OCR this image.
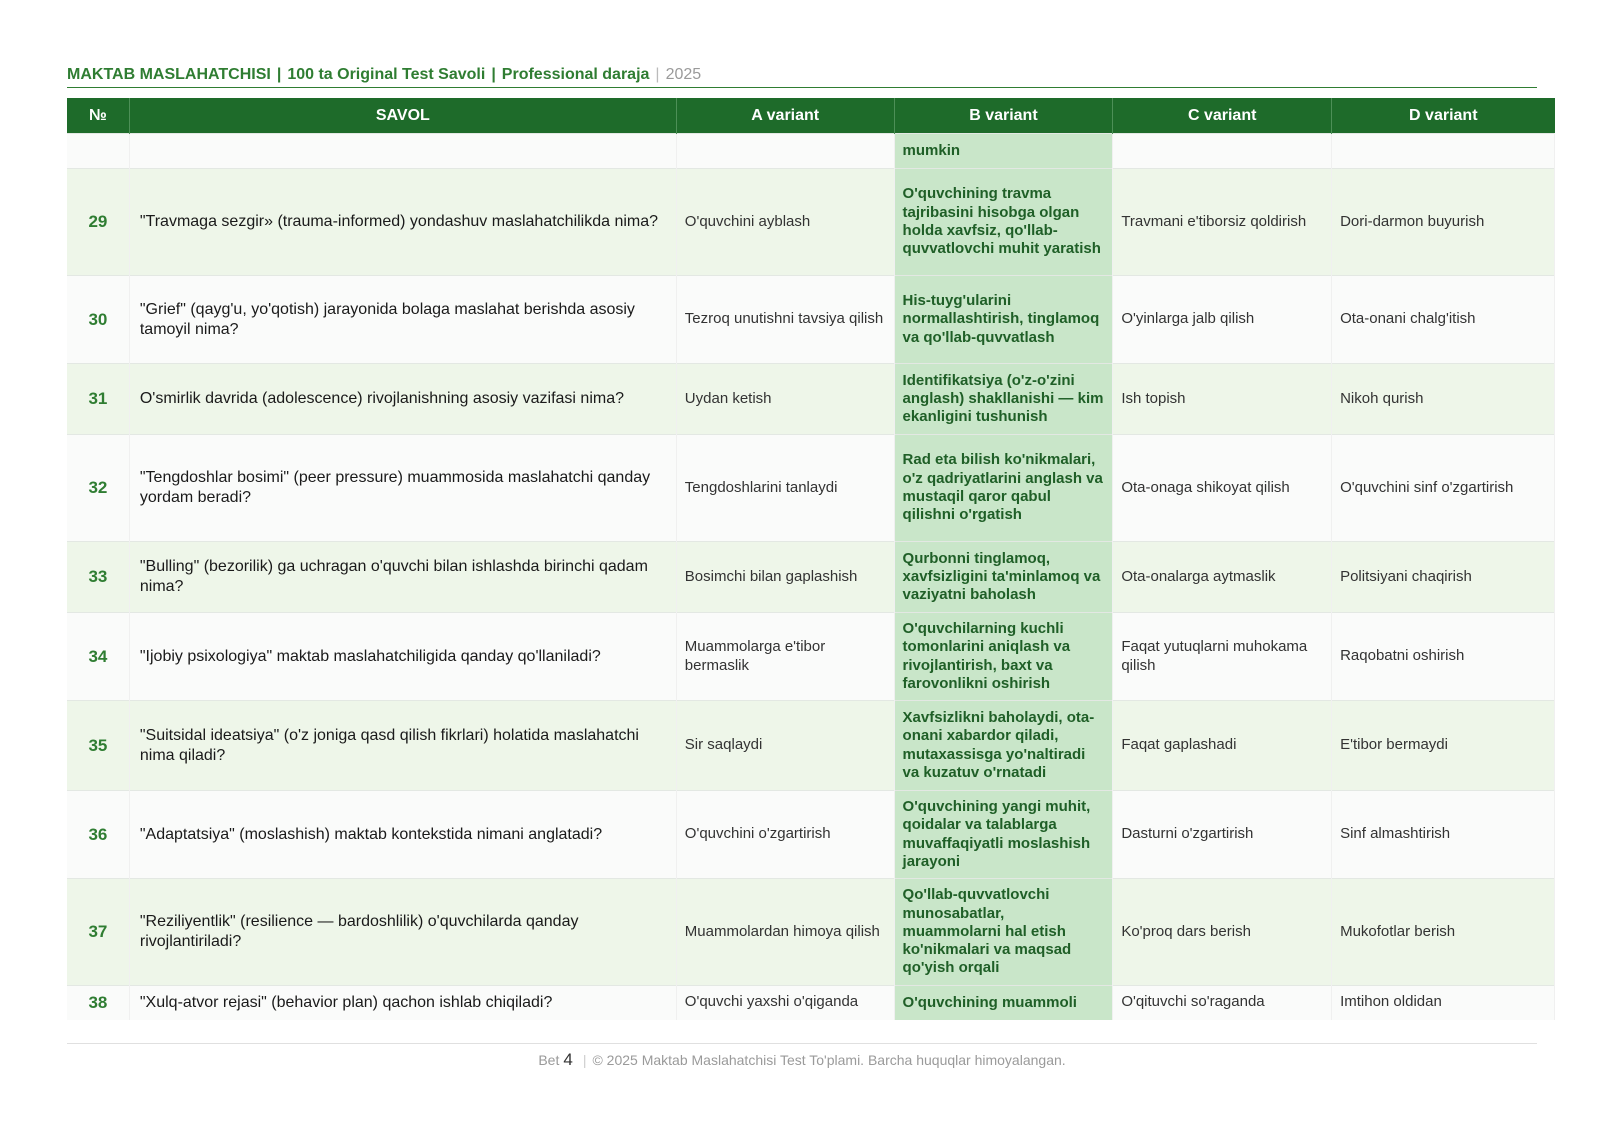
MAKTAB MASLAHATCHISI | 100 ta Original Test Savoli | Professional daraja | 2025
№	SAVOL	A variant	B variant	C variant	D variant
			mumkin		
29	"Travmaga sezgir» (trauma-informed) yondashuv maslahatchilikda nima?	O'quvchini ayblash	O'quvchining travma tajribasini hisobga olgan holda xavfsiz, qo'llab-quvvatlovchi muhit yaratish	Travmani e'tiborsiz qoldirish	Dori-darmon buyurish
30	"Grief" (qayg'u, yo'qotish) jarayonida bolaga maslahat berishda asosiy tamoyil nima?	Tezroq unutishni tavsiya qilish	His-tuyg'ularini normallashtirish, tinglamoq va qo'llab-quvvatlash	O'yinlarga jalb qilish	Ota-onani chalg'itish
31	O'smirlik davrida (adolescence) rivojlanishning asosiy vazifasi nima?	Uydan ketish	Identifikatsiya (o'z-o'zini anglash) shakllanishi — kim ekanligini tushunish	Ish topish	Nikoh qurish
32	"Tengdoshlar bosimi" (peer pressure) muammosida maslahatchi qanday yordam beradi?	Tengdoshlarini tanlaydi	Rad eta bilish ko'nikmalari, o'z qadriyatlarini anglash va mustaqil qaror qabul qilishni o'rgatish	Ota-onaga shikoyat qilish	O'quvchini sinf o'zgartirish
33	"Bulling" (bezorilik) ga uchragan o'quvchi bilan ishlashda birinchi qadam nima?	Bosimchi bilan gaplashish	Qurbonni tinglamoq, xavfsizligini ta'minlamoq va vaziyatni baholash	Ota-onalarga aytmaslik	Politsiyani chaqirish
34	"Ijobiy psixologiya" maktab maslahatchiligida qanday qo'llaniladi?	Muammolarga e'tibor bermaslik	O'quvchilarning kuchli tomonlarini aniqlash va rivojlantirish, baxt va farovonlikni oshirish	Faqat yutuqlarni muhokama qilish	Raqobatni oshirish
35	"Suitsidal ideatsiya" (o'z joniga qasd qilish fikrlari) holatida maslahatchi nima qiladi?	Sir saqlaydi	Xavfsizlikni baholaydi, ota-onani xabardor qiladi, mutaxassisga yo'naltiradi va kuzatuv o'rnatadi	Faqat gaplashadi	E'tibor bermaydi
36	"Adaptatsiya" (moslashish) maktab kontekstida nimani anglatadi?	O'quvchini o'zgartirish	O'quvchining yangi muhit, qoidalar va talablarga muvaffaqiyatli moslashish jarayoni	Dasturni o'zgartirish	Sinf almashtirish
37	"Reziliyentlik" (resilience — bardoshlilik) o'quvchilarda qanday rivojlantiriladi?	Muammolardan himoya qilish	Qo'llab-quvvatlovchi munosabatlar, muammolarni hal etish ko'nikmalari va maqsad qo'yish orqali	Ko'proq dars berish	Mukofotlar berish
38	"Xulq-atvor rejasi" (behavior plan) qachon ishlab chiqiladi?	O'quvchi yaxshi o'qiganda	O'quvchining muammoli	O'qituvchi so'raganda	Imtihon oldidan
Bet 4 | © 2025 Maktab Maslahatchisi Test To'plami. Barcha huquqlar himoyalangan.
